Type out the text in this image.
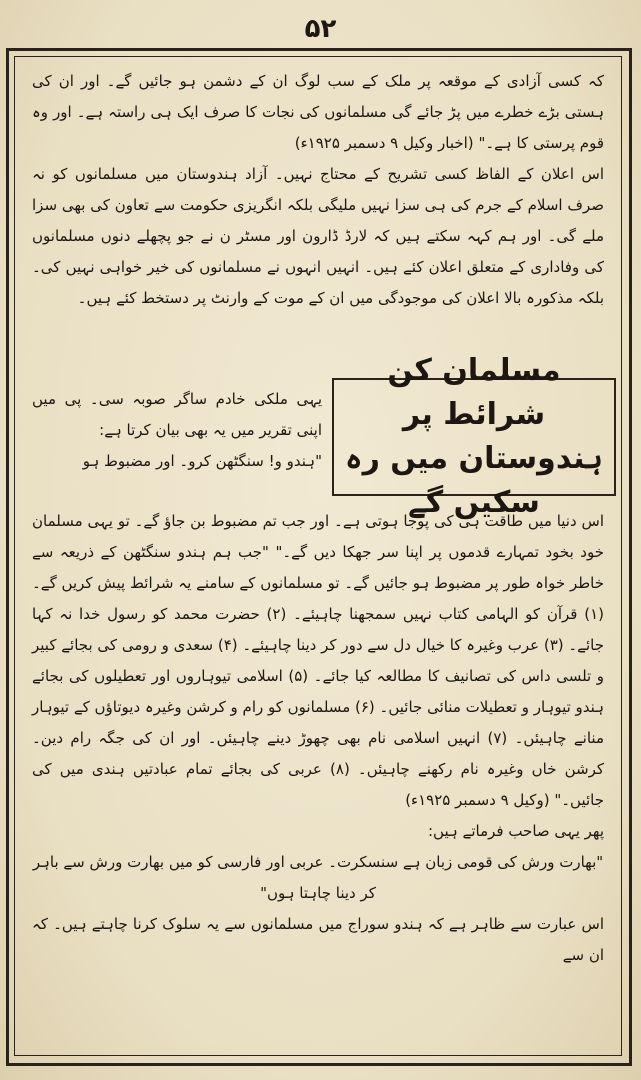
۵۲

کہ کسی آزادی کے موقعہ پر ملک کے سب لوگ ان کے دشمن ہو جائیں گے۔ اور ان کی ہستی بڑے خطرے میں پڑ جائے گی مسلمانوں کی نجات کا صرف ایک ہی راستہ ہے۔ اور وہ قوم پرستی کا ہے۔" (اخبار وکیل ۹ دسمبر ۱۹۲۵ء)

اس اعلان کے الفاظ کسی تشریح کے محتاج نہیں۔ آزاد ہندوستان میں مسلمانوں کو نہ صرف اسلام کے جرم کی ہی سزا نہیں ملیگی بلکہ انگریزی حکومت سے تعاون کی بھی سزا ملے گی۔ اور ہم کہہ سکتے ہیں کہ لارڈ ڈارون اور مسٹر ن نے جو پچھلے دنوں مسلمانوں کی وفاداری کے متعلق اعلان کئے ہیں۔ انہیں انہوں نے مسلمانوں کی خیر خواہی نہیں کی۔ بلکہ مذکورہ بالا اعلان کی موجودگی میں ان کے موت کے وارنٹ پر دستخط کئے ہیں۔

مسلمان کن شرائط پر ہندوستان میں رہ سکیں گے

یہی ملکی خادم ساگر صوبہ سی۔ پی میں اپنی تقریر میں یہ بھی بیان کرتا ہے:

"ہندو و! سنگٹھن کرو۔ اور مضبوط ہو

اس دنیا میں طاقت ہی کی پوجا ہوتی ہے۔ اور جب تم مضبوط بن جاؤ گے۔ تو یہی مسلمان خود بخود تمہارے قدموں پر اپنا سر جھکا دیں گے۔" "جب ہم ہندو سنگٹھن کے ذریعہ سے خاطر خواہ طور پر مضبوط ہو جائیں گے۔ تو مسلمانوں کے سامنے یہ شرائط پیش کریں گے۔ (۱) قرآن کو الہامی کتاب نہیں سمجھنا چاہیئے۔ (۲) حضرت محمد کو رسول خدا نہ کہا جائے۔ (۳) عرب وغیرہ کا خیال دل سے دور کر دینا چاہیئے۔ (۴) سعدی و رومی کی بجائے کبیر و تلسی داس کی تصانیف کا مطالعہ کیا جائے۔ (۵) اسلامی تیوہاروں اور تعطیلوں کی بجائے ہندو تیوہار و تعطیلات منائی جائیں۔ (۶) مسلمانوں کو رام و کرشن وغیرہ دیوتاؤں کے تیوہار منانے چاہیئں۔ (۷) انہیں اسلامی نام بھی چھوڑ دینے چاہیئں۔ اور ان کی جگہ رام دین۔ کرشن خاں وغیرہ نام رکھنے چاہیئں۔ (۸) عربی کی بجائے تمام عبادتیں ہندی میں کی جائیں۔" (وکیل ۹ دسمبر ۱۹۲۵ء)

پھر یہی صاحب فرماتے ہیں:

"بھارت ورش کی قومی زبان ہے سنسکرت۔ عربی اور فارسی کو میں بھارت ورش سے باہر کر دینا چاہتا ہوں"

اس عبارت سے ظاہر ہے کہ ہندو سوراج میں مسلمانوں سے یہ سلوک کرنا چاہتے ہیں۔ کہ ان سے
